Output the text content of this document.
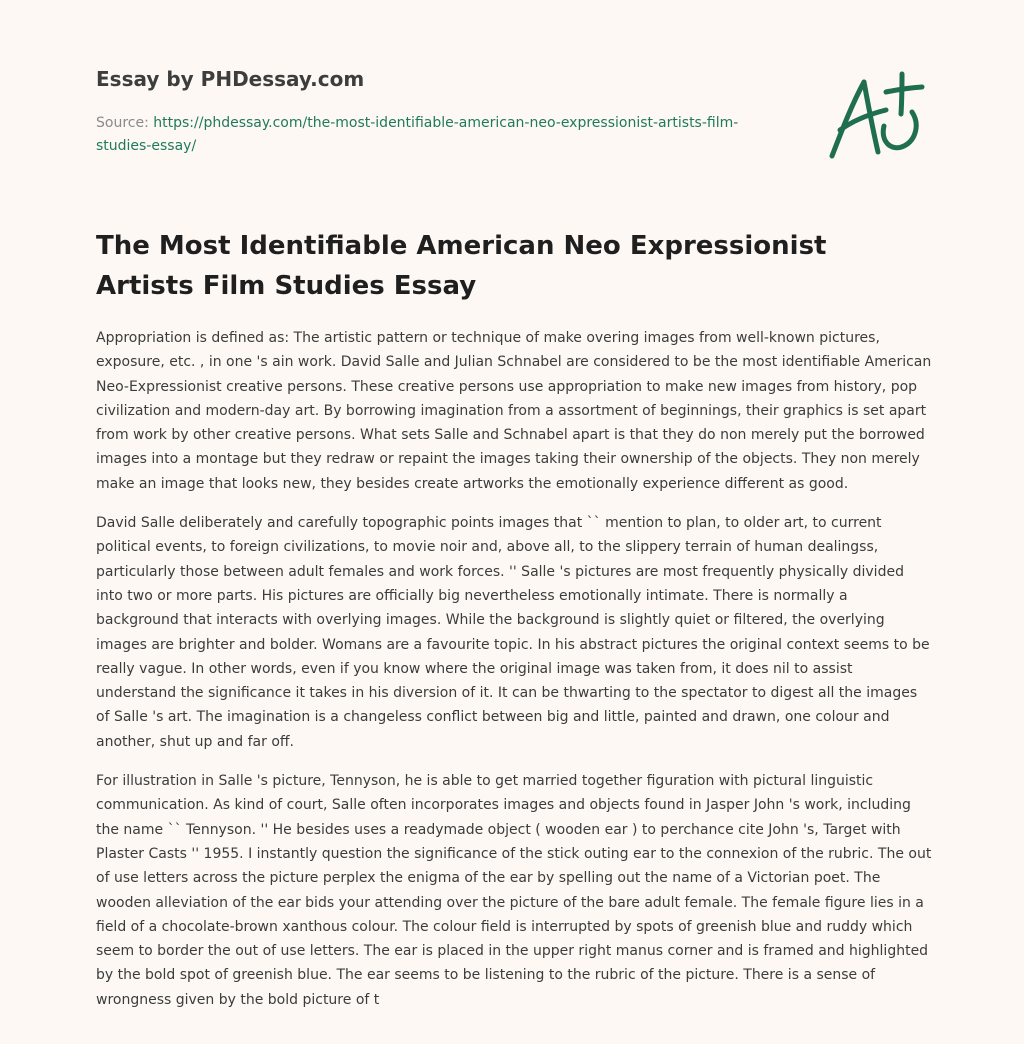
Essay by PHDessay.com
Source: https://phdessay.com/the-most-identifiable-american-neo-expressionist-artists-film-studies-essay/
The Most Identifiable American Neo Expressionist Artists Film Studies Essay

Appropriation is defined as: The artistic pattern or technique of make overing images from well-known pictures, exposure, etc. , in one 's ain work. David Salle and Julian Schnabel are considered to be the most identifiable American Neo-Expressionist creative persons. These creative persons use appropriation to make new images from history, pop civilization and modern-day art. By borrowing imagination from a assortment of beginnings, their graphics is set apart from work by other creative persons. What sets Salle and Schnabel apart is that they do non merely put the borrowed images into a montage but they redraw or repaint the images taking their ownership of the objects. They non merely make an image that looks new, they besides create artworks the emotionally experience different as good.

David Salle deliberately and carefully topographic points images that `` mention to plan, to older art, to current political events, to foreign civilizations, to movie noir and, above all, to the slippery terrain of human dealingss, particularly those between adult females and work forces. '' Salle 's pictures are most frequently physically divided into two or more parts. His pictures are officially big nevertheless emotionally intimate. There is normally a background that interacts with overlying images. While the background is slightly quiet or filtered, the overlying images are brighter and bolder. Womans are a favourite topic. In his abstract pictures the original context seems to be really vague. In other words, even if you know where the original image was taken from, it does nil to assist understand the significance it takes in his diversion of it. It can be thwarting to the spectator to digest all the images of Salle 's art. The imagination is a changeless conflict between big and little, painted and drawn, one colour and another, shut up and far off.

For illustration in Salle 's picture, Tennyson, he is able to get married together figuration with pictural linguistic communication. As kind of court, Salle often incorporates images and objects found in Jasper John 's work, including the name `` Tennyson. '' He besides uses a readymade object ( wooden ear ) to perchance cite John 's, Target with Plaster Casts '' 1955. I instantly question the significance of the stick outing ear to the connexion of the rubric. The out of use letters across the picture perplex the enigma of the ear by spelling out the name of a Victorian poet. The wooden alleviation of the ear bids your attending over the picture of the bare adult female. The female figure lies in a field of a chocolate-brown xanthous colour. The colour field is interrupted by spots of greenish blue and ruddy which seem to border the out of use letters. The ear is placed in the upper right manus corner and is framed and highlighted by the bold spot of greenish blue. The ear seems to be listening to the rubric of the picture. There is a sense of wrongness given by the bold picture of t
